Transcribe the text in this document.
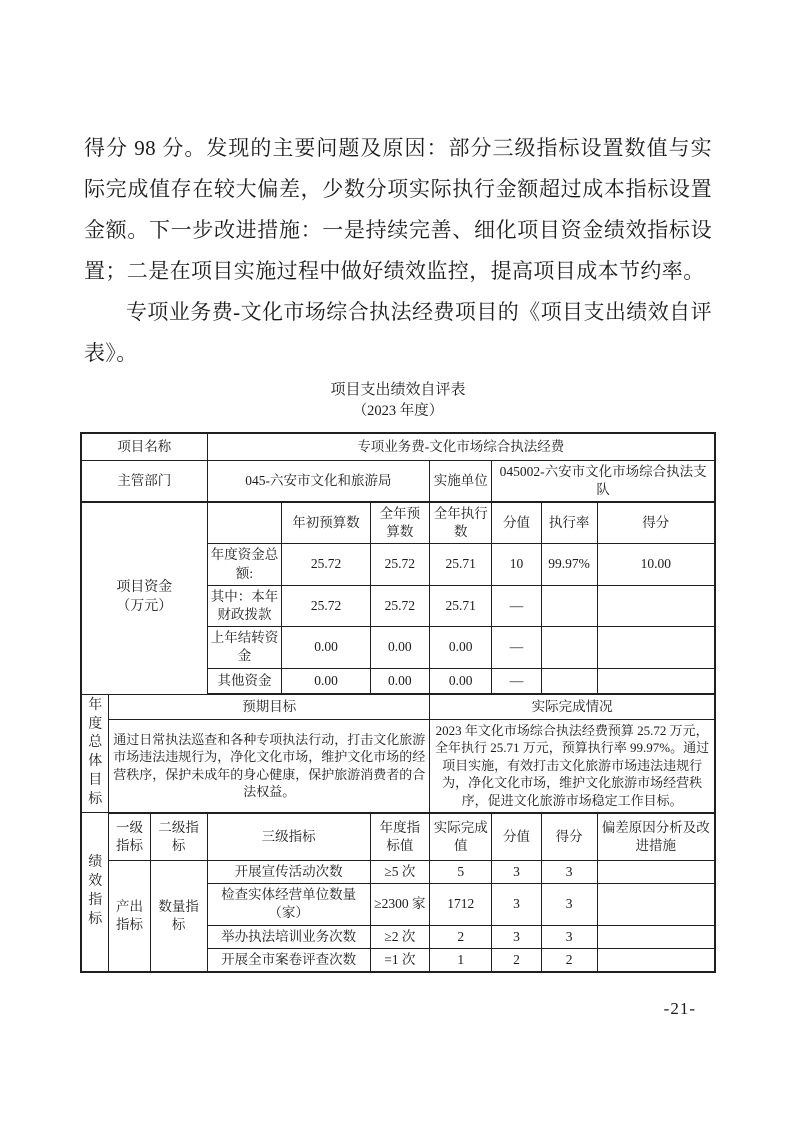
得分 98 分。发现的主要问题及原因：部分三级指标设置数值与实际完成值存在较大偏差，少数分项实际执行金额超过成本指标设置金额。下一步改进措施：一是持续完善、细化项目资金绩效指标设置；二是在项目实施过程中做好绩效监控，提高项目成本节约率。

专项业务费-文化市场综合执法经费项目的《项目支出绩效自评表》。

项目支出绩效自评表
（2023 年度）
项目名称			专项业务费-文化市场综合执法经费						
主管部门			045-六安市文化和旅游局			实施单位	045002-六安市文化市场综合执法支队		
项目资金
（万元）				年初预算数	全年预算数	全年执行数	分值	执行率	得分
			年度资金总额:	25.72	25.72	25.71	10	99.97%	10.00
			其中：本年财政拨款	25.72	25.72	25.71	—		
			上年结转资金	0.00	0.00	0.00	—		
			其他资金	0.00	0.00	0.00	—		
年度总体目标	预期目标					实际完成情况			
	通过日常执法巡查和各种专项执法行动，打击文化旅游市场违法违规行为，净化文化市场，维护文化市场的经营秩序，保护未成年的身心健康，保护旅游消费者的合法权益。					2023 年文化市场综合执法经费预算 25.72 万元，全年执行 25.71 万元，预算执行率 99.97%。通过项目实施，有效打击文化旅游市场违法违规行为，净化文化市场，维护文化旅游市场经营秩序，促进文化旅游市场稳定工作目标。			
绩效指标	一级指标	二级指标	三级指标		年度指标值	实际完成值	分值	得分	偏差原因分析及改进措施
	产出指标	数量指标	开展宣传活动次数		≥5 次	5	3	3	
			检查实体经营单位数量（家）		≥2300 家	1712	3	3	
			举办执法培训业务次数		≥2 次	2	3	3	
			开展全市案卷评查次数		=1 次	1	2	2	
-21-
